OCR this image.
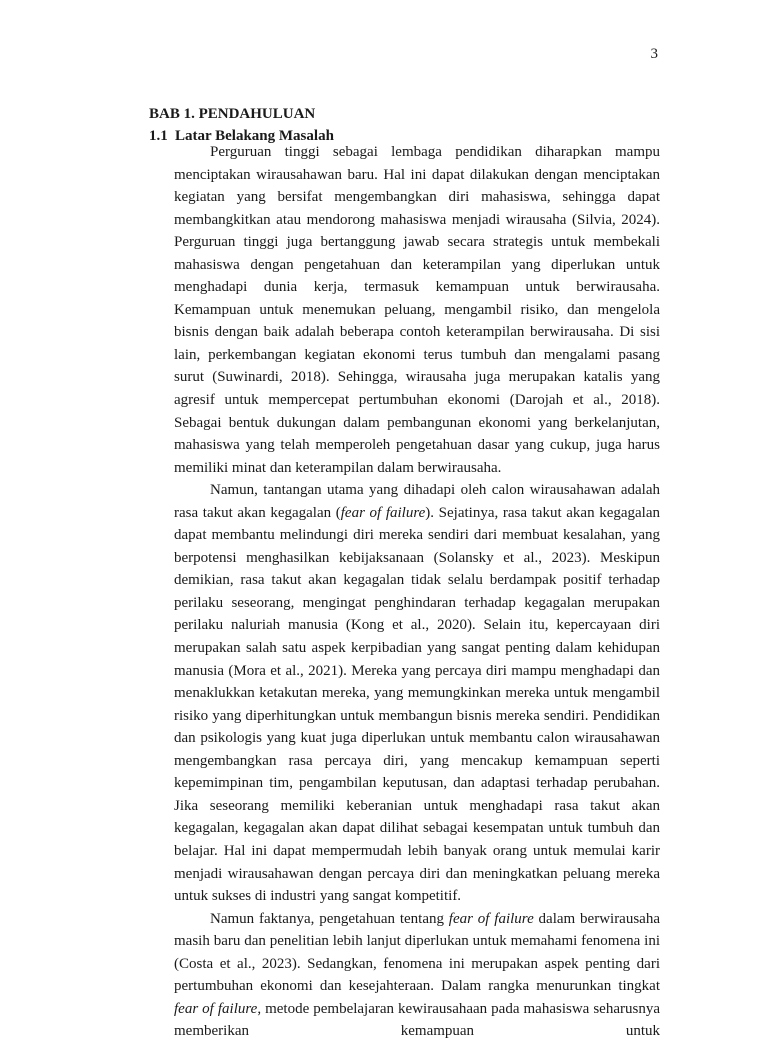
3
BAB 1. PENDAHULUAN
1.1 Latar Belakang Masalah

Perguruan tinggi sebagai lembaga pendidikan diharapkan mampu menciptakan wirausahawan baru. Hal ini dapat dilakukan dengan menciptakan kegiatan yang bersifat mengembangkan diri mahasiswa, sehingga dapat membangkitkan atau mendorong mahasiswa menjadi wirausaha (Silvia, 2024). Perguruan tinggi juga bertanggung jawab secara strategis untuk membekali mahasiswa dengan pengetahuan dan keterampilan yang diperlukan untuk menghadapi dunia kerja, termasuk kemampuan untuk berwirausaha. Kemampuan untuk menemukan peluang, mengambil risiko, dan mengelola bisnis dengan baik adalah beberapa contoh keterampilan berwirausaha. Di sisi lain, perkembangan kegiatan ekonomi terus tumbuh dan mengalami pasang surut (Suwinardi, 2018). Sehingga, wirausaha juga merupakan katalis yang agresif untuk mempercepat pertumbuhan ekonomi (Darojah et al., 2018). Sebagai bentuk dukungan dalam pembangunan ekonomi yang berkelanjutan, mahasiswa yang telah memperoleh pengetahuan dasar yang cukup, juga harus memiliki minat dan keterampilan dalam berwirausaha.

Namun, tantangan utama yang dihadapi oleh calon wirausahawan adalah rasa takut akan kegagalan (fear of failure). Sejatinya, rasa takut akan kegagalan dapat membantu melindungi diri mereka sendiri dari membuat kesalahan, yang berpotensi menghasilkan kebijaksanaan (Solansky et al., 2023). Meskipun demikian, rasa takut akan kegagalan tidak selalu berdampak positif terhadap perilaku seseorang, mengingat penghindaran terhadap kegagalan merupakan perilaku naluriah manusia (Kong et al., 2020). Selain itu, kepercayaan diri merupakan salah satu aspek kerpibadian yang sangat penting dalam kehidupan manusia (Mora et al., 2021). Mereka yang percaya diri mampu menghadapi dan menaklukkan ketakutan mereka, yang memungkinkan mereka untuk mengambil risiko yang diperhitungkan untuk membangun bisnis mereka sendiri. Pendidikan dan psikologis yang kuat juga diperlukan untuk membantu calon wirausahawan mengembangkan rasa percaya diri, yang mencakup kemampuan seperti kepemimpinan tim, pengambilan keputusan, dan adaptasi terhadap perubahan. Jika seseorang memiliki keberanian untuk menghadapi rasa takut akan kegagalan, kegagalan akan dapat dilihat sebagai kesempatan untuk tumbuh dan belajar. Hal ini dapat mempermudah lebih banyak orang untuk memulai karir menjadi wirausahawan dengan percaya diri dan meningkatkan peluang mereka untuk sukses di industri yang sangat kompetitif.

Namun faktanya, pengetahuan tentang fear of failure dalam berwirausaha masih baru dan penelitian lebih lanjut diperlukan untuk memahami fenomena ini (Costa et al., 2023). Sedangkan, fenomena ini merupakan aspek penting dari pertumbuhan ekonomi dan kesejahteraan. Dalam rangka menurunkan tingkat fear of failure, metode pembelajaran kewirausahaan pada mahasiswa seharusnya memberikan kemampuan untuk
